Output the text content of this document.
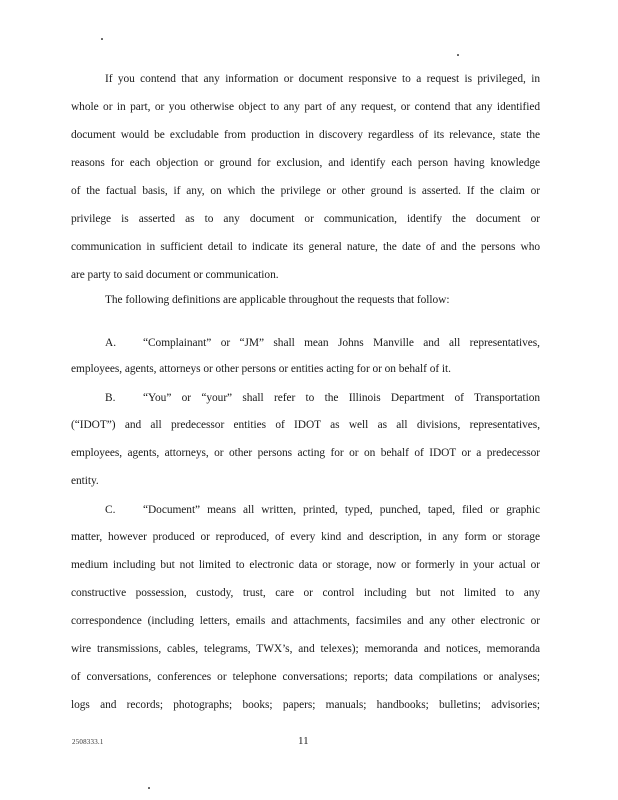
If you contend that any information or document responsive to a request is privileged, in
whole or in part, or you otherwise object to any part of any request, or contend that any identified
document would be excludable from production in discovery regardless of its relevance, state the
reasons for each objection or ground for exclusion, and identify each person having knowledge
of the factual basis, if any, on which the privilege or other ground is asserted. If the claim or
privilege is asserted as to any document or communication, identify the document or
communication in sufficient detail to indicate its general nature, the date of and the persons who
are party to said document or communication.
The following definitions are applicable throughout the requests that follow:
A. “Complainant” or “JM” shall mean Johns Manville and all representatives,
employees, agents, attorneys or other persons or entities acting for or on behalf of it.
B. “You” or “your” shall refer to the Illinois Department of Transportation
(“IDOT”) and all predecessor entities of IDOT as well as all divisions, representatives,
employees, agents, attorneys, or other persons acting for or on behalf of IDOT or a predecessor
entity.
C. “Document” means all written, printed, typed, punched, taped, filed or graphic
matter, however produced or reproduced, of every kind and description, in any form or storage
medium including but not limited to electronic data or storage, now or formerly in your actual or
constructive possession, custody, trust, care or control including but not limited to any
correspondence (including letters, emails and attachments, facsimiles and any other electronic or
wire transmissions, cables, telegrams, TWX’s, and telexes); memoranda and notices, memoranda
of conversations, conferences or telephone conversations; reports; data compilations or analyses;
logs and records; photographs; books; papers; manuals; handbooks; bulletins; advisories;
2508333.1	11
